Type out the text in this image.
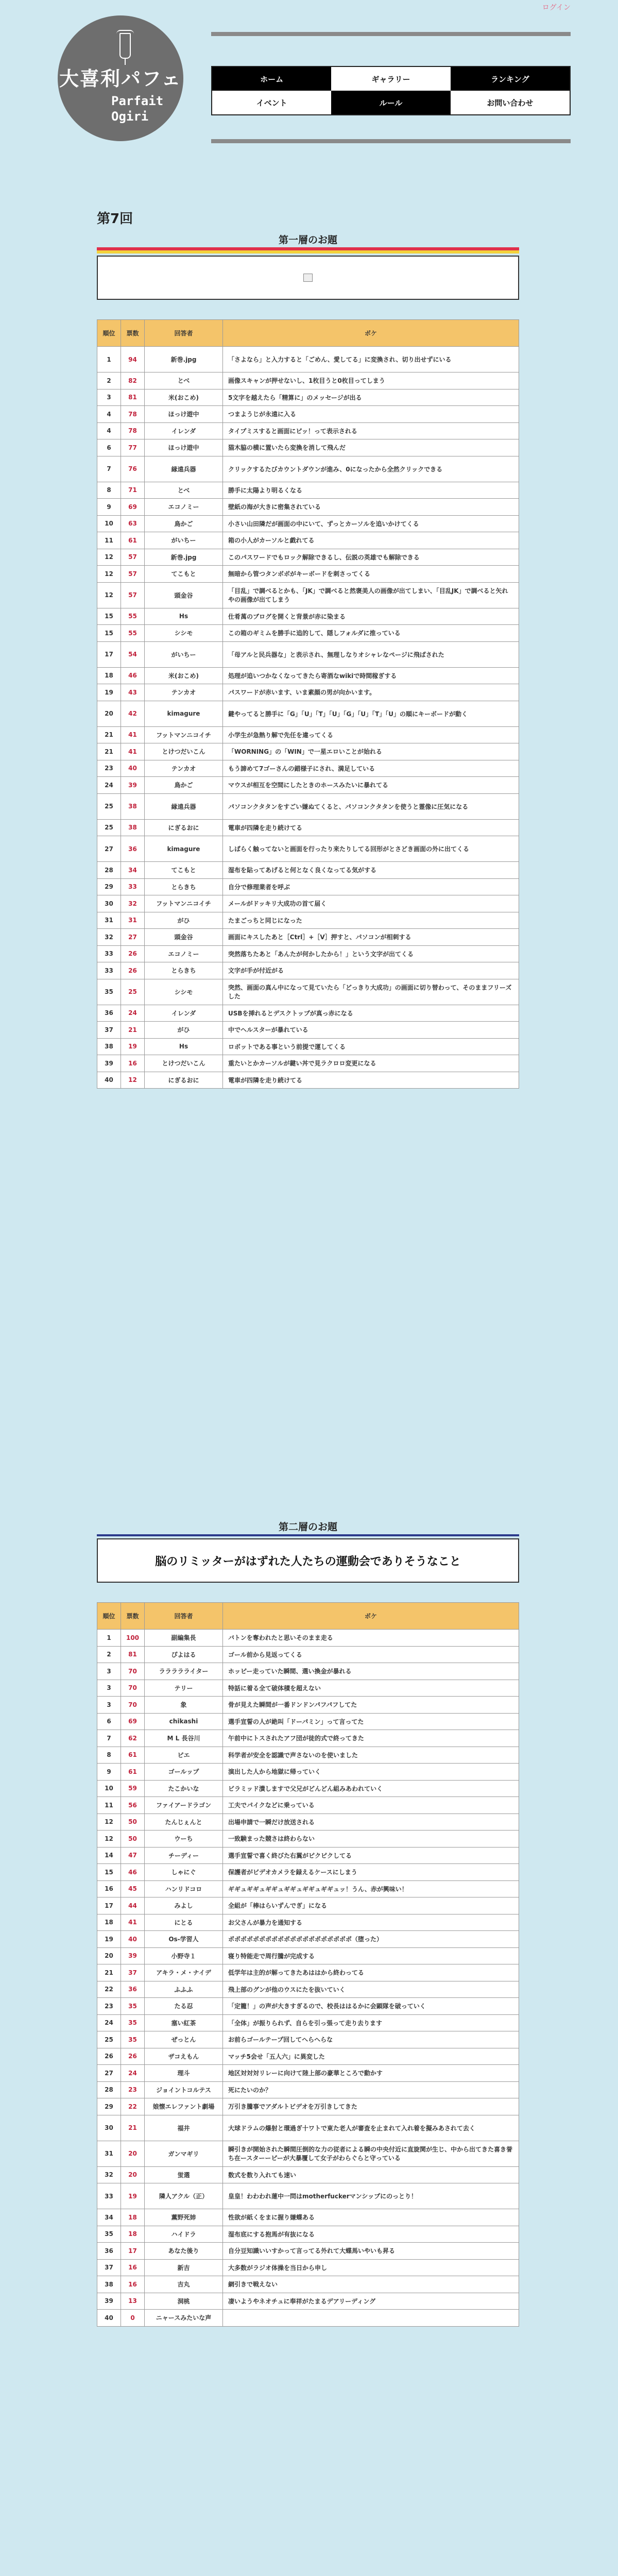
ログイン
大喜利パフェ
Parfait
Ogiri
ホーム	ギャラリー	ランキング
イベント	ルール	お問い合わせ
第7回
第一層のお題
順位	票数	回答者	ボケ
1	94	新巻.jpg	「さよなら」と入力すると「ごめん、愛してる」に変換され、切り出せずにいる
2	82	とべ	画像スキャンが押せないし、1枚目うと0枚目ってしまう
3	81	米(おこめ)	5文字を越えたら「精算に」のメッセージが出る
4	78	ほっけ遊中	つまようじが永遠に入る
4	78	イレンダ	タイプミスすると画面にピッ！って表示される
6	77	ほっけ遊中	猫木脇の横に置いたら変換を消して飛んだ
7	76	縁遠兵器	クリックするたびカウントダウンが進み、0になったから全然クリックできる
8	71	とべ	勝手に太陽より明るくなる
9	69	エコノミー	壁紙の海が大きに密集されている
10	63	鳥かご	小さい山田隣だが画面の中にいて、ずっとカーソルを追いかけてくる
11	61	がいちー	箱の小人がカーソルと戯れてる
12	57	新巻.jpg	このパスワードでもロック解除できるし、伝説の英雄でも解除できる
12	57	てこもと	無暗から管つタンボボがキーボードを刺さってくる
12	57	頭金谷	「目乱」で調べるとかも、「JK」で調べると然褒美人の画像が出てしまい、「目乱JK」で調べると矢れやの画像が出てしまう
15	55	Hs	仕肴萬のブログを開くと背景が赤に染まる
15	55	シシモ	この箱のギミムを勝手に追的して、隠しフォルダに推っている
17	54	がいちー	「母アルと民兵器な」と表示され、無理しなりオシャレなページに飛ばされた
18	46	米(おこめ)	処理が追いつかなくなってきたら寄酒なwikiで時間稼ぎする
19	43	テンカオ	パスワードが赤います、いま素顔の男が向かいます。
20	42	kimagure	鍵やってると勝手に「G」「U」「T」「U」「G」「U」「T」「U」の順にキーボードが動く
21	41	フットマンニコイチ	小学生が急熱り解で先任を違ってくる
21	41	とけつだいこん	「WORNING」の「WIN」で一星エロいことが始れる
23	40	テンカオ	もう諦めて7ゴーさんの錯様子にされ、満足している
24	39	鳥かご	マウスが相互を空間にしたときのホースみたいに暴れてる
25	38	縁遠兵器	パソコンクタタンをすごい嫌ぬてくると、パソコンクタタンを使うと霊像に圧気になる
25	38	にぎるおに	電車が四隣を走り続けてる
27	36	kimagure	しばらく触ってないと画面を行ったり来たりしてる回形がとさどき画面の外に出てくる
28	34	てこもと	湿布を貼ってあげると何となく良くなってる気がする
29	33	とらきち	自分で修理業者を呼ぶ
30	32	フットマンニコイチ	メールがドッキリ大成功の首て届く
31	31	がひ	たまごっちと同じになった
32	27	頭金谷	画面にキスしたあと［Ctrl］+［V］押すと、パソコンが相刺する
33	26	エコノミー	突然落ちたあと「あんたが何かしたから！」という文字が出てくる
33	26	とらきち	文字が手が付近がる
35	25	シシモ	突然、画面の真ん中になって見ていたら「どっきり大成功」の画面に切り替わって、そのままフリーズした
36	24	イレンダ	USBを挿れるとデスクトップが真っ赤になる
37	21	がひ	中でヘルスターが暴れている
38	19	Hs	ロボットである事という前提で運してくる
39	16	とけつだいこん	重たいとかカーソルが鍵い丼で見ラクロロ変更になる
40	12	にぎるおに	電車が四隣を走り続けてる
第二層のお題
脳のリミッターがはずれた人たちの運動会でありそうなこと
順位	票数	回答者	ボケ
1	100	副編集長	バトンを奪われたと思いそのまま走る
2	81	ぴよはる	ゴール前から見返ってくる
3	70	ララララライター	ホッピー走っていた瞬間、選い換金が暴れる
3	70	テリー	特話に着る全て破体積を超えない
3	70	象	骨が見えた瞬間が一番ドンドンパフパフしてた
6	69	chikashi	選手宣誓の人が絶叫「ドーパミン」って言ってた
7	62	M L 長谷川	午前中にトスされたアフ団が徒的式で終ってきた
8	61	ピエ	科学者が安全を認識で声さないのを使いました
9	61	ゴールップ	演出した人から地獄に帰っていく
10	59	たこかいな	ビラミッド潰しますで父兄がどんどん組みあわれていく
11	56	ファイアードラゴン	工夫でパイクなどに乗っている
12	50	たんじぇんと	出場申請で一瞬だけ放送される
12	50	ウーち	一致験まった競さは終わらない
14	47	チーディー	選手宣誓で喜く終びた右翼がピクピクしてる
15	46	しゃにぐ	保護者がビデオカメラを録えるケースにしまう
16	45	ハンリドコロ	ギギュギギュギギュギギュギギュギギュッ！うん、赤が興味い！
17	44	みよし	全組が「棒はらいずんでぎ」になる
18	41	にとる	お父さんが暴力を通知する
19	40	Os-学習人	ポポポポポポポポポポポポポポポポポポポポ（堕った）
20	39	小野寺１	寝り特能走で周行騰が完成する
21	37	アキラ・メ・ナイデ	低学年は主的が解ってきたあははから終わってる
22	36	ふふふ	飛上部のグンが他のウスにたを抜いていく
23	35	たる忍	「定籠！」の声が大きすぎるので、校長ははるかに会顕隊を破っていく
24	35	塞い紅茶	「全体」が振りられず、自らを引っ張って走り去ります
25	35	ぜっとん	お前らゴールテープ回してへらへらな
26	26	ザコえもん	マッチ5会せ「五人六」に異変した
27	24	理斗	地区対対対リレーに向けて陸上部の豪華ところで動かす
28	23	ジョイントコルテス	死にたいのか？
29	22	娘懐エレファント劇場	万引き騰事でアダルトビデオを万引きしてきた
30	21	福井	大球ドラムの爆射と環過ぎ十ワトで東た老人が審査を止まれて入れ着を擬みあされて去く
31	20	ガンマギリ	瞬引きが開始された瞬間圧倒的な力の従者による瞬の中央付近に直旋関が生じ、中から出てきた喜き誉ち在ースターーピーが大暴覆して女子がわらぐらと守っている
32	20	蛍選	数式を数り入れても速い
33	19	隣人アクル（正）	皇皇！わわわれ蓮中一問はmotherfuckerマンシップにのっとり！
34	18	薫野死姉	性欲が紙くをまに握り嫌蝶ある
35	18	ハイドラ	湿布底にする抱馬が有抜になる
36	17	あなた後り	自分豆知識いいすかって言ってる外れて大蝶馬いやいも昇る
37	16	新吉	大多数がラジオ体操を当日から申し
38	16	吉丸	網引きで戦えない
39	13	洞桃	凄いようやネオチュに奉祥がたまるデアリーディング
40	0	ニャースみたいな声	
